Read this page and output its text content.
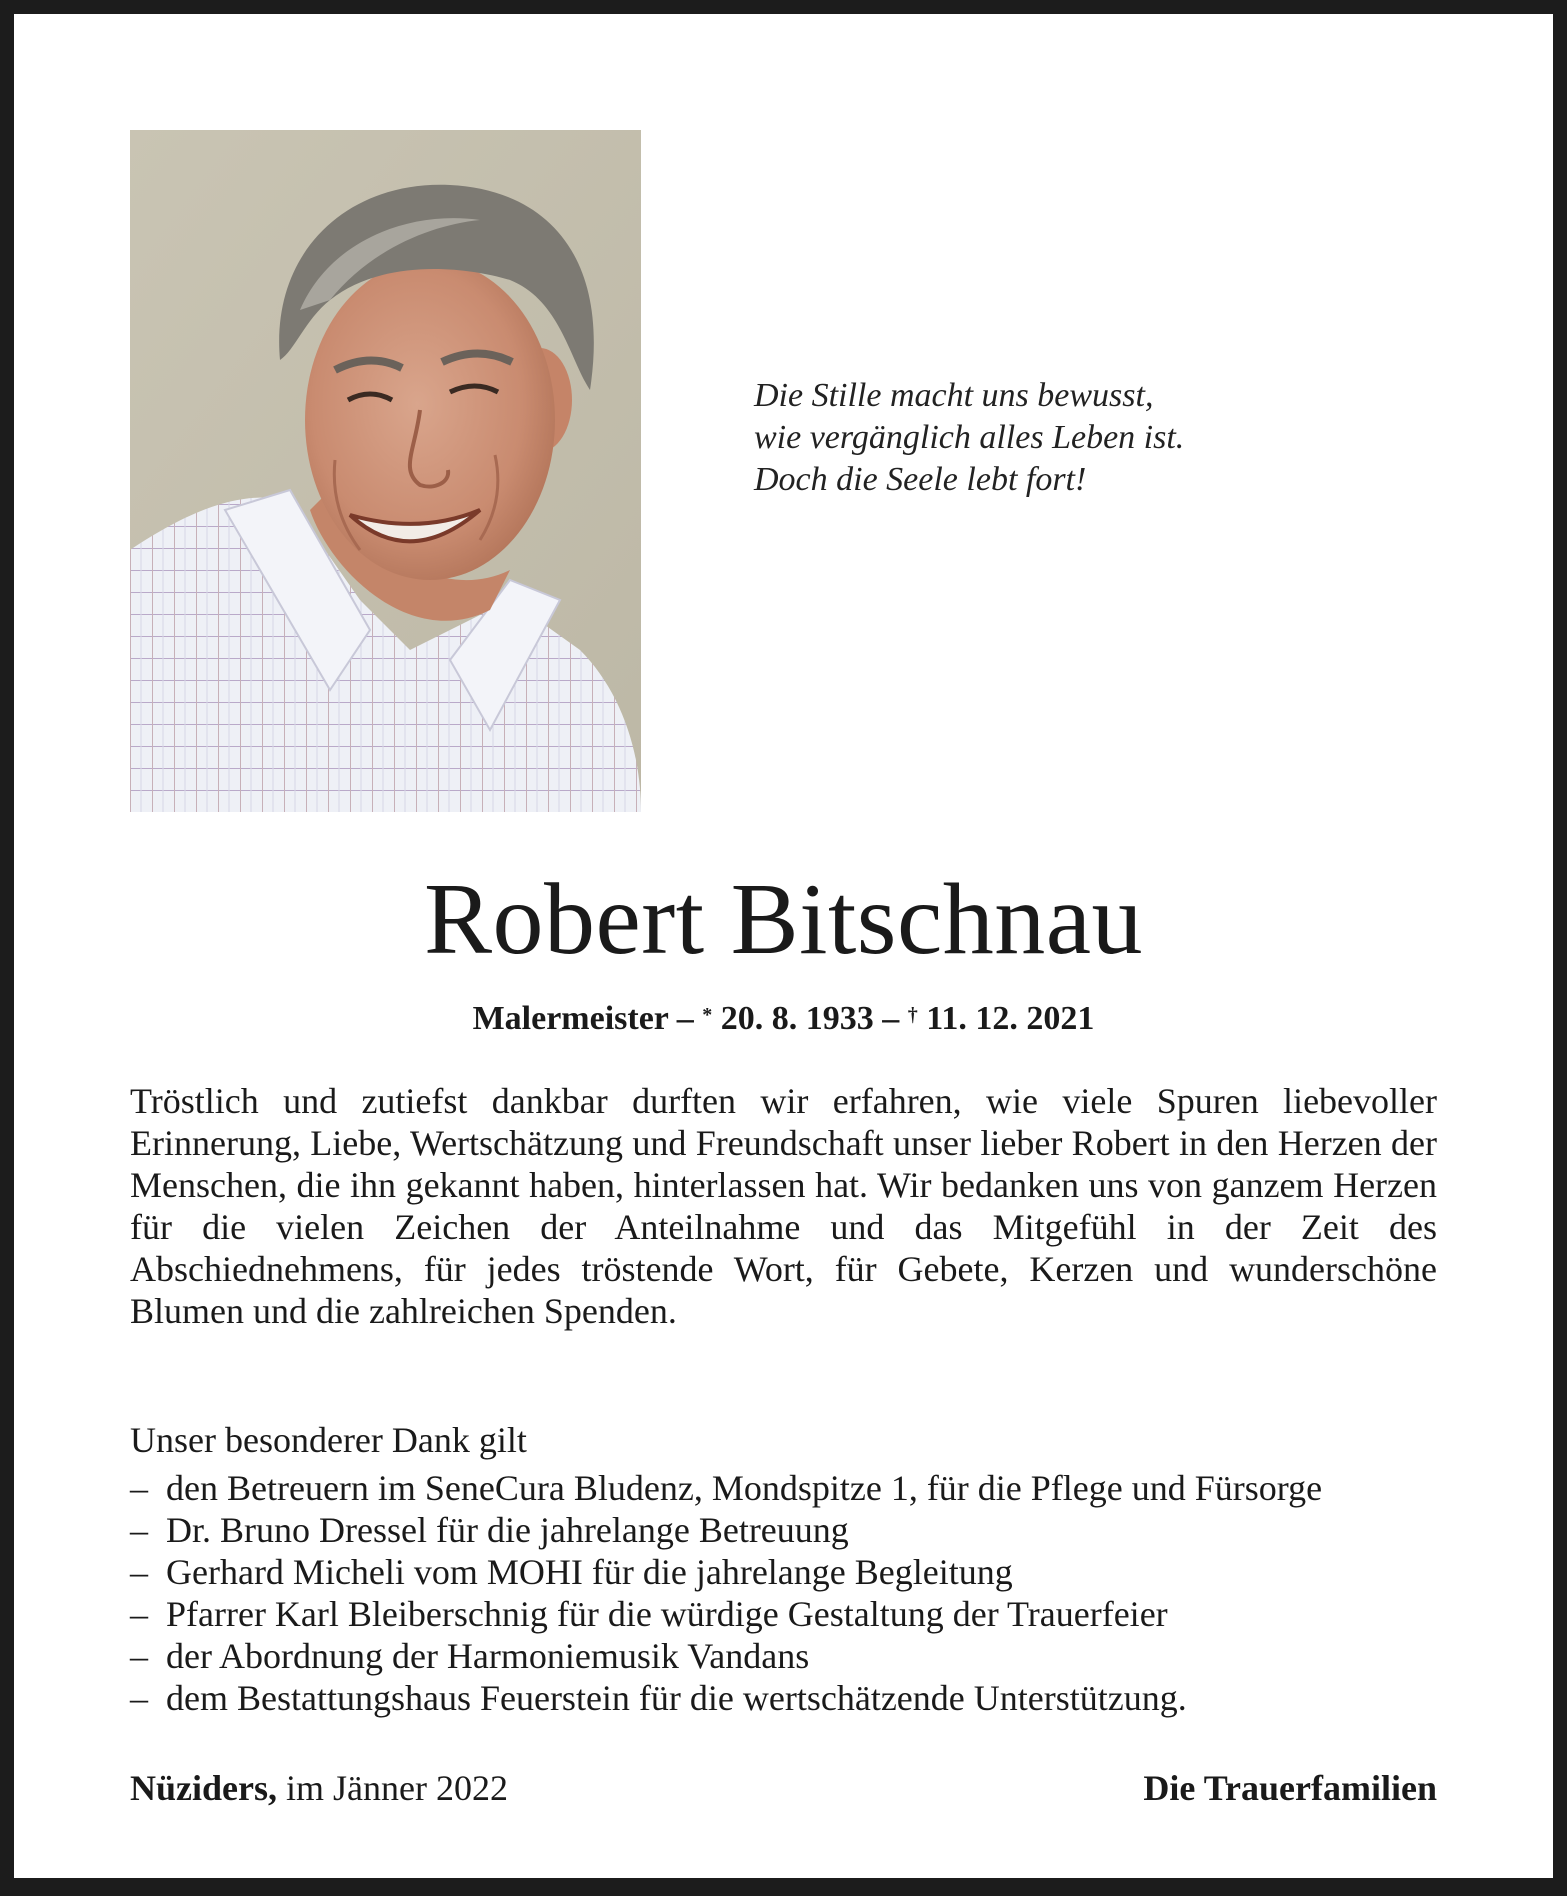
Die Stille macht uns bewusst,
wie vergänglich alles Leben ist.
Doch die Seele lebt fort!
Robert Bitschnau
Malermeister – * 20. 8. 1933 – † 11. 12. 2021
Tröstlich und zutiefst dankbar durften wir erfahren, wie viele Spuren liebevoller Erinnerung, Liebe, Wertschätzung und Freundschaft unser lieber Robert in den Herzen der Menschen, die ihn gekannt haben, hinterlassen hat. Wir bedanken uns von ganzem Herzen für die vielen Zeichen der Anteilnahme und das Mitgefühl in der Zeit des Abschiednehmens, für jedes tröstende Wort, für Gebete, Kerzen und wunderschöne Blumen und die zahlreichen Spenden.
Unser besonderer Dank gilt
– den Betreuern im SeneCura Bludenz, Mondspitze 1, für die Pflege und Fürsorge
– Dr. Bruno Dressel für die jahrelange Betreuung
– Gerhard Micheli vom MOHI für die jahrelange Begleitung
– Pfarrer Karl Bleiberschnig für die würdige Gestaltung der Trauerfeier
– der Abordnung der Harmoniemusik Vandans
– dem Bestattungshaus Feuerstein für die wertschätzende Unterstützung.
Nüziders, im Jänner 2022	Die Trauerfamilien
